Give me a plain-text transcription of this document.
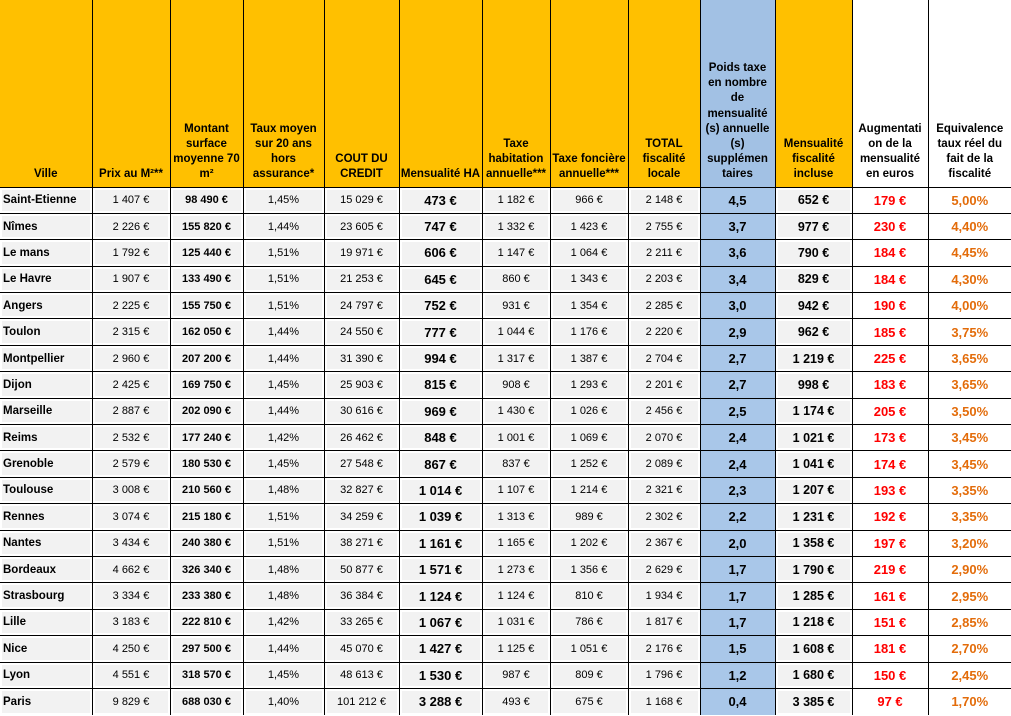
Ville	Prix au M²**	Montant surface moyenne 70 m²	Taux moyen sur 20 ans hors assurance*	COUT DU CREDIT	Mensualité HA	Taxe habitation annuelle***	Taxe foncière annuelle***	TOTAL fiscalité locale	Poids taxe en nombre de mensualité (s) annuelle (s) supplémen taires	Mensualité fiscalité incluse	Augmentati on de la mensualité en euros	Equivalence taux réel du fait de la fiscalité
Saint-Etienne	1 407 €	98 490 €	1,45%	15 029 €	473 €	1 182 €	966 €	2 148 €	4,5	652 €	179 €	5,00%
Nîmes	2 226 €	155 820 €	1,44%	23 605 €	747 €	1 332 €	1 423 €	2 755 €	3,7	977 €	230 €	4,40%
Le mans	1 792 €	125 440 €	1,51%	19 971 €	606 €	1 147 €	1 064 €	2 211 €	3,6	790 €	184 €	4,45%
Le Havre	1 907 €	133 490 €	1,51%	21 253 €	645 €	860 €	1 343 €	2 203 €	3,4	829 €	184 €	4,30%
Angers	2 225 €	155 750 €	1,51%	24 797 €	752 €	931 €	1 354 €	2 285 €	3,0	942 €	190 €	4,00%
Toulon	2 315 €	162 050 €	1,44%	24 550 €	777 €	1 044 €	1 176 €	2 220 €	2,9	962 €	185 €	3,75%
Montpellier	2 960 €	207 200 €	1,44%	31 390 €	994 €	1 317 €	1 387 €	2 704 €	2,7	1 219 €	225 €	3,65%
Dijon	2 425 €	169 750 €	1,45%	25 903 €	815 €	908 €	1 293 €	2 201 €	2,7	998 €	183 €	3,65%
Marseille	2 887 €	202 090 €	1,44%	30 616 €	969 €	1 430 €	1 026 €	2 456 €	2,5	1 174 €	205 €	3,50%
Reims	2 532 €	177 240 €	1,42%	26 462 €	848 €	1 001 €	1 069 €	2 070 €	2,4	1 021 €	173 €	3,45%
Grenoble	2 579 €	180 530 €	1,45%	27 548 €	867 €	837 €	1 252 €	2 089 €	2,4	1 041 €	174 €	3,45%
Toulouse	3 008 €	210 560 €	1,48%	32 827 €	1 014 €	1 107 €	1 214 €	2 321 €	2,3	1 207 €	193 €	3,35%
Rennes	3 074 €	215 180 €	1,51%	34 259 €	1 039 €	1 313 €	989 €	2 302 €	2,2	1 231 €	192 €	3,35%
Nantes	3 434 €	240 380 €	1,51%	38 271 €	1 161 €	1 165 €	1 202 €	2 367 €	2,0	1 358 €	197 €	3,20%
Bordeaux	4 662 €	326 340 €	1,48%	50 877 €	1 571 €	1 273 €	1 356 €	2 629 €	1,7	1 790 €	219 €	2,90%
Strasbourg	3 334 €	233 380 €	1,48%	36 384 €	1 124 €	1 124 €	810 €	1 934 €	1,7	1 285 €	161 €	2,95%
Lille	3 183 €	222 810 €	1,42%	33 265 €	1 067 €	1 031 €	786 €	1 817 €	1,7	1 218 €	151 €	2,85%
Nice	4 250 €	297 500 €	1,44%	45 070 €	1 427 €	1 125 €	1 051 €	2 176 €	1,5	1 608 €	181 €	2,70%
Lyon	4 551 €	318 570 €	1,45%	48 613 €	1 530 €	987 €	809 €	1 796 €	1,2	1 680 €	150 €	2,45%
Paris	9 829 €	688 030 €	1,40%	101 212 €	3 288 €	493 €	675 €	1 168 €	0,4	3 385 €	97 €	1,70%
